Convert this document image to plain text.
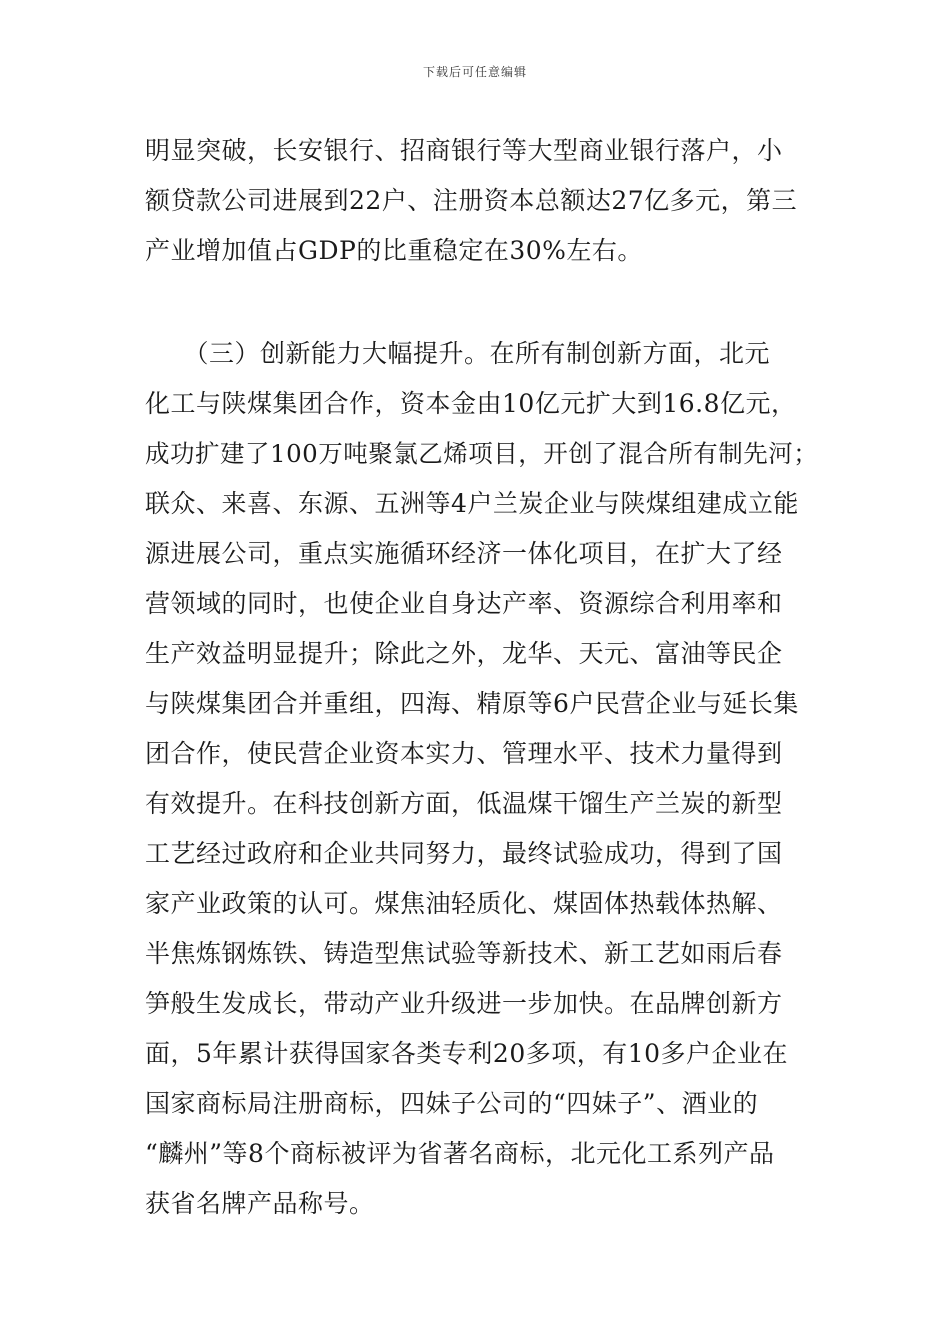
下载后可任意编辑
明显突破，长安银行、招商银行等大型商业银行落户，小
额贷款公司进展到22户、注册资本总额达27亿多元，第三
产业增加值占GDP的比重稳定在30%左右。
　　（三）创新能力大幅提升。在所有制创新方面，北元
化工与陕煤集团合作，资本金由10亿元扩大到16.8亿元，
成功扩建了100万吨聚氯乙烯项目，开创了混合所有制先河；
联众、来喜、东源、五洲等4户兰炭企业与陕煤组建成立能
源进展公司，重点实施循环经济一体化项目，在扩大了经
营领域的同时，也使企业自身达产率、资源综合利用率和
生产效益明显提升；除此之外，龙华、天元、富油等民企
与陕煤集团合并重组，四海、精原等6户民营企业与延长集
团合作，使民营企业资本实力、管理水平、技术力量得到
有效提升。在科技创新方面，低温煤干馏生产兰炭的新型
工艺经过政府和企业共同努力，最终试验成功，得到了国
家产业政策的认可。煤焦油轻质化、煤固体热载体热解、
半焦炼钢炼铁、铸造型焦试验等新技术、新工艺如雨后春
笋般生发成长，带动产业升级进一步加快。在品牌创新方
面，5年累计获得国家各类专利20多项，有10多户企业在
国家商标局注册商标，四妹子公司的“四妹子”、酒业的
“麟州”等8个商标被评为省著名商标，北元化工系列产品
获省名牌产品称号。
